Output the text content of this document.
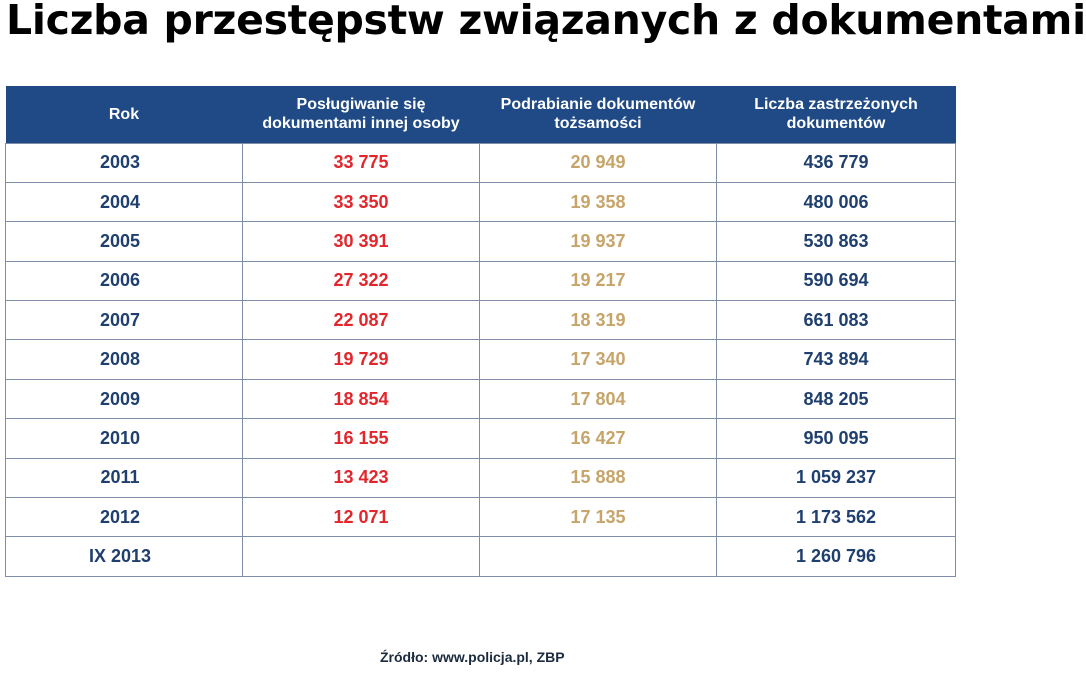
Liczba przestępstw związanych z dokumentami
Rok	Posługiwanie się dokumentami innej osoby	Podrabianie dokumentów tożsamości	Liczba zastrzeżonych dokumentów
2003	33 775	20 949	436 779
2004	33 350	19 358	480 006
2005	30 391	19 937	530 863
2006	27 322	19 217	590 694
2007	22 087	18 319	661 083
2008	19 729	17 340	743 894
2009	18 854	17 804	848 205
2010	16 155	16 427	950 095
2011	13 423	15 888	1 059 237
2012	12 071	17 135	1 173 562
IX 2013			1 260 796
Źródło: www.policja.pl, ZBP
